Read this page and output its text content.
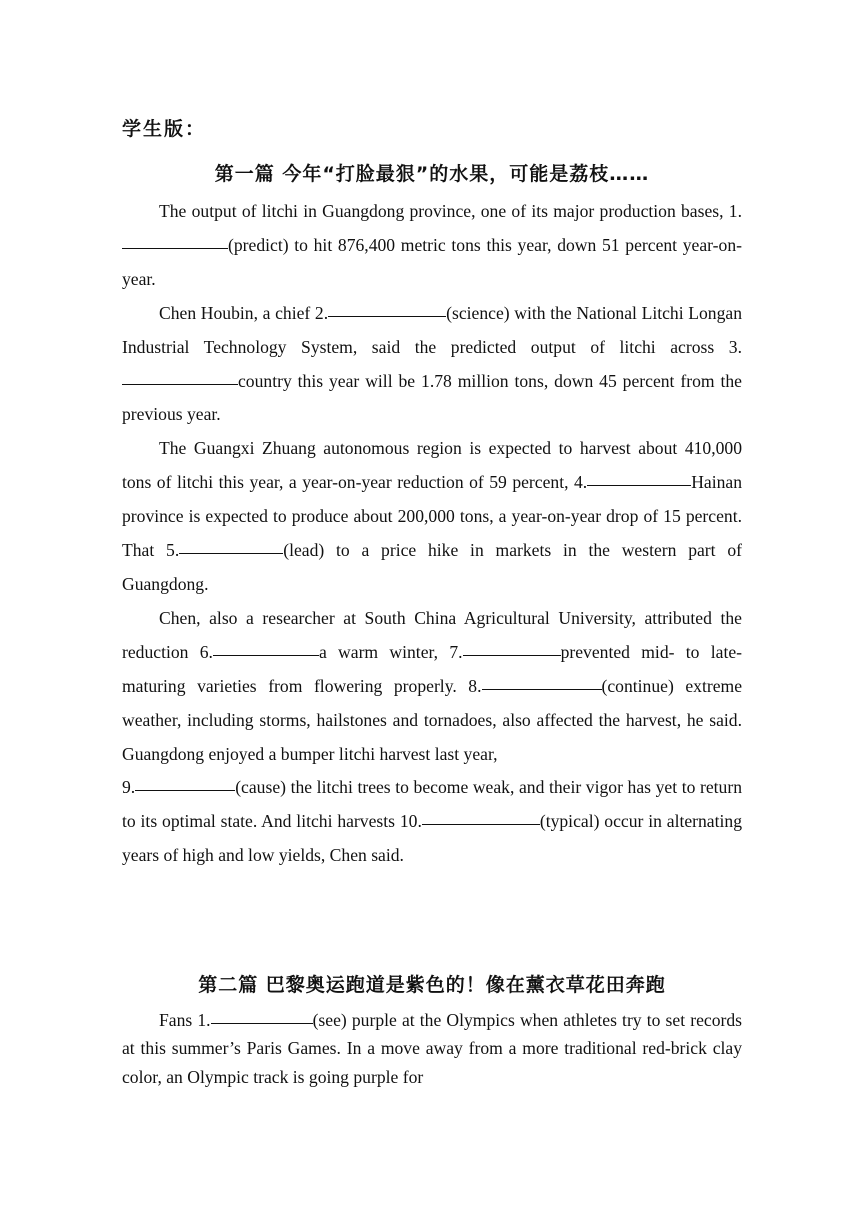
学生版：
第一篇 今年“打脸最狠”的水果，可能是荔枝……

The output of litchi in Guangdong province, one of its major production bases, 1.(predict) to hit 876,400 metric tons this year, down 51 percent year-on-year.

Chen Houbin, a chief 2.	(science) with the National Litchi Longan Industrial Technology System, said the predicted output of litchi across 3.country this year will be 1.78 million tons, down 45 percent from the previous year.

The Guangxi Zhuang autonomous region is expected to harvest about 410,000 tons of litchi this year, a year-on-year reduction of 59 percent, 4.	Hainan province is expected to produce about 200,000 tons, a year-on-year drop of 15 percent. That 5.	(lead) to a price hike in markets in the western part of Guangdong.

Chen, also a researcher at South China Agricultural University, attributed the reduction 6.	a warm winter, 7.	prevented mid- to late-maturing varieties from flowering properly. 8.	(continue) extreme weather, including storms, hailstones and tornadoes, also affected the harvest, he said. Guangdong enjoyed a bumper litchi harvest last year,

9.	(cause) the litchi trees to become weak, and their vigor has yet to return to its optimal state. And litchi harvests 10.	(typical) occur in alternating years of high and low yields, Chen said.

第二篇 巴黎奥运跑道是紫色的！像在薰衣草花田奔跑

Fans 1.	(see) purple at the Olympics when athletes try to set records at this summer’s Paris Games. In a move away from a more traditional red-brick clay color, an Olympic track is going purple for
